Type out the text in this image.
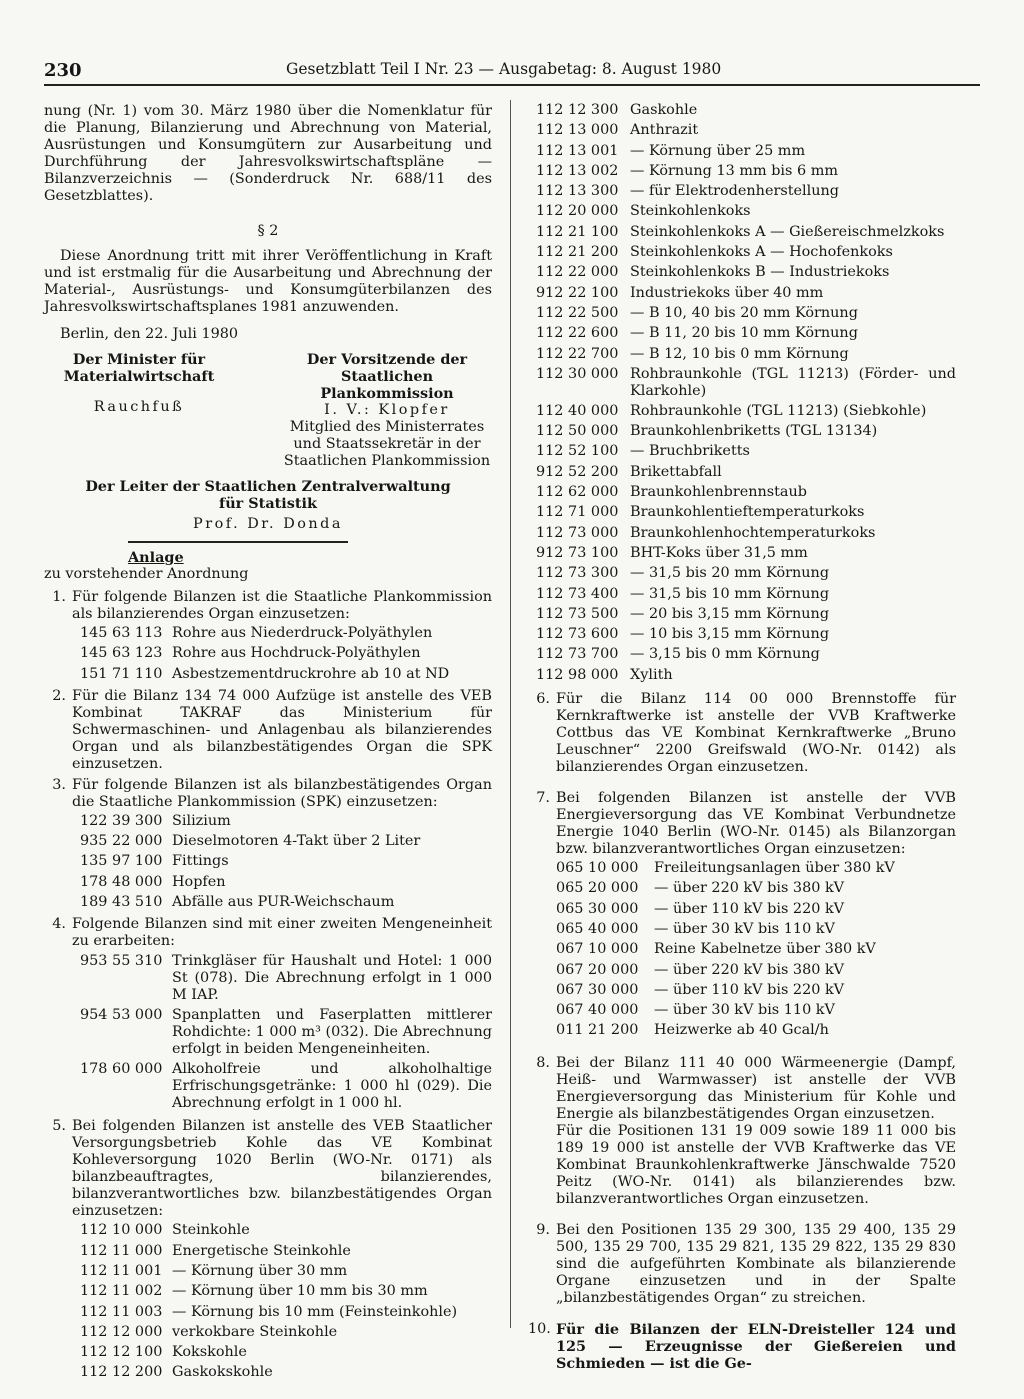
230	Gesetzblatt Teil I Nr. 23 — Ausgabetag: 8. August 1980

nung (Nr. 1) vom 30. März 1980 über die Nomenklatur für die Planung, Bilanzierung und Abrechnung von Material, Ausrüstungen und Konsumgütern zur Ausarbeitung und Durchführung der Jahresvolkswirtschaftspläne — Bilanzverzeichnis — (Sonderdruck Nr. 688/11 des Gesetzblattes).

§ 2

Diese Anordnung tritt mit ihrer Veröffentlichung in Kraft und ist erstmalig für die Ausarbeitung und Abrechnung der Material-, Ausrüstungs- und Konsumgüterbilanzen des Jahresvolkswirtschaftsplanes 1981 anzuwenden.

Berlin, den 22. Juli 1980

Der Minister für Materialwirtschaft

Rauchfuß

Der Vorsitzende der Staatlichen Plankommission

I. V.: Klopfer

Mitglied des Ministerrates und Staatssekretär in der Staatlichen Plankommission

Der Leiter der Staatlichen Zentralverwaltung für Statistik

Prof. Dr. Donda

Anlage

zu vorstehender Anordnung

1. Für folgende Bilanzen ist die Staatliche Plankommission als bilanzierendes Organ einzusetzen:

145 63 113 Rohre aus Niederdruck-Polyäthylen
145 63 123 Rohre aus Hochdruck-Polyäthylen
151 71 110 Asbestzementdruckrohre ab 10 at ND
2. Für die Bilanz 134 74 000 Aufzüge ist anstelle des VEB Kombinat TAKRAF das Ministerium für Schwermaschinen- und Anlagenbau als bilanzierendes Organ und als bilanzbestätigendes Organ die SPK einzusetzen.

3. Für folgende Bilanzen ist als bilanzbestätigendes Organ die Staatliche Plankommission (SPK) einzusetzen:

122 39 300 Silizium
935 22 000 Dieselmotoren 4-Takt über 2 Liter
135 97 100 Fittings
178 48 000 Hopfen
189 43 510 Abfälle aus PUR-Weichschaum
4. Folgende Bilanzen sind mit einer zweiten Mengeneinheit zu erarbeiten:

953 55 310 Trinkgläser für Haushalt und Hotel: 1 000 St (078). Die Abrechnung erfolgt in 1 000 M IAP.
954 53 000 Spanplatten und Faserplatten mittlerer Rohdichte: 1 000 m³ (032). Die Abrechnung erfolgt in beiden Mengeneinheiten.
178 60 000 Alkoholfreie und alkoholhaltige Erfrischungsgetränke: 1 000 hl (029). Die Abrechnung erfolgt in 1 000 hl.
5. Bei folgenden Bilanzen ist anstelle des VEB Staatlicher Versorgungsbetrieb Kohle das VE Kombinat Kohleversorgung 1020 Berlin (WO-Nr. 0171) als bilanzbeauftragtes, bilanzierendes, bilanzverantwortliches bzw. bilanzbestätigendes Organ einzusetzen:

112 10 000 Steinkohle
112 11 000 Energetische Steinkohle
112 11 001 — Körnung über 30 mm
112 11 002 — Körnung über 10 mm bis 30 mm
112 11 003 — Körnung bis 10 mm (Feinsteinkohle)
112 12 000 verkokbare Steinkohle
112 12 100 Kokskohle
112 12 200 Gaskokskohle
112 12 300 Gaskohle
112 13 000 Anthrazit
112 13 001 — Körnung über 25 mm
112 13 002 — Körnung 13 mm bis 6 mm
112 13 300 — für Elektrodenherstellung
112 20 000 Steinkohlenkoks
112 21 100 Steinkohlenkoks A — Gießereischmelzkoks
112 21 200 Steinkohlenkoks A — Hochofenkoks
112 22 000 Steinkohlenkoks B — Industriekoks
912 22 100 Industriekoks über 40 mm
112 22 500 — B 10, 40 bis 20 mm Körnung
112 22 600 — B 11, 20 bis 10 mm Körnung
112 22 700 — B 12, 10 bis 0 mm Körnung
112 30 000 Rohbraunkohle (TGL 11213) (Förder- und Klarkohle)
112 40 000 Rohbraunkohle (TGL 11213) (Siebkohle)
112 50 000 Braunkohlenbriketts (TGL 13134)
112 52 100 — Bruchbriketts
912 52 200 Brikettabfall
112 62 000 Braunkohlenbrennstaub
112 71 000 Braunkohlentieftemperaturkoks
112 73 000 Braunkohlenhochtemperaturkoks
912 73 100 BHT-Koks über 31,5 mm
112 73 300 — 31,5 bis 20 mm Körnung
112 73 400 — 31,5 bis 10 mm Körnung
112 73 500 — 20 bis 3,15 mm Körnung
112 73 600 — 10 bis 3,15 mm Körnung
112 73 700 — 3,15 bis 0 mm Körnung
112 98 000 Xylith
6. Für die Bilanz 114 00 000 Brennstoffe für Kernkraftwerke ist anstelle der VVB Kraftwerke Cottbus das VE Kombinat Kernkraftwerke „Bruno Leuschner“ 2200 Greifswald (WO-Nr. 0142) als bilanzierendes Organ einzusetzen.

7. Bei folgenden Bilanzen ist anstelle der VVB Energieversorgung das VE Kombinat Verbundnetze Energie 1040 Berlin (WO-Nr. 0145) als Bilanzorgan bzw. bilanzverantwortliches Organ einzusetzen:

065 10 000	Freileitungsanlagen über 380 kV
065 20 000	— über 220 kV bis 380 kV
065 30 000	— über 110 kV bis 220 kV
065 40 000	— über 30 kV bis 110 kV
067 10 000	Reine Kabelnetze über 380 kV
067 20 000	— über 220 kV bis 380 kV
067 30 000	— über 110 kV bis 220 kV
067 40 000	— über 30 kV bis 110 kV
011 21 200	Heizwerke ab 40 Gcal/h
8. Bei der Bilanz 111 40 000 Wärmeenergie (Dampf, Heiß- und Warmwasser) ist anstelle der VVB Energieversorgung das Ministerium für Kohle und Energie als bilanzbestätigendes Organ einzusetzen.

Für die Positionen 131 19 009 sowie 189 11 000 bis 189 19 000 ist anstelle der VVB Kraftwerke das VE Kombinat Braunkohlenkraftwerke Jänschwalde 7520 Peitz (WO-Nr. 0141) als bilanzierendes bzw. bilanzverantwortliches Organ einzusetzen.

9. Bei den Positionen 135 29 300, 135 29 400, 135 29 500, 135 29 700, 135 29 821, 135 29 822, 135 29 830 sind die aufgeführten Kombinate als bilanzierende Organe einzusetzen und in der Spalte „bilanzbestätigendes Organ“ zu streichen.

10. Für die Bilanzen der ELN-Dreisteller 124 und 125 — Erzeugnisse der Gießereien und Schmieden — ist die Ge-
